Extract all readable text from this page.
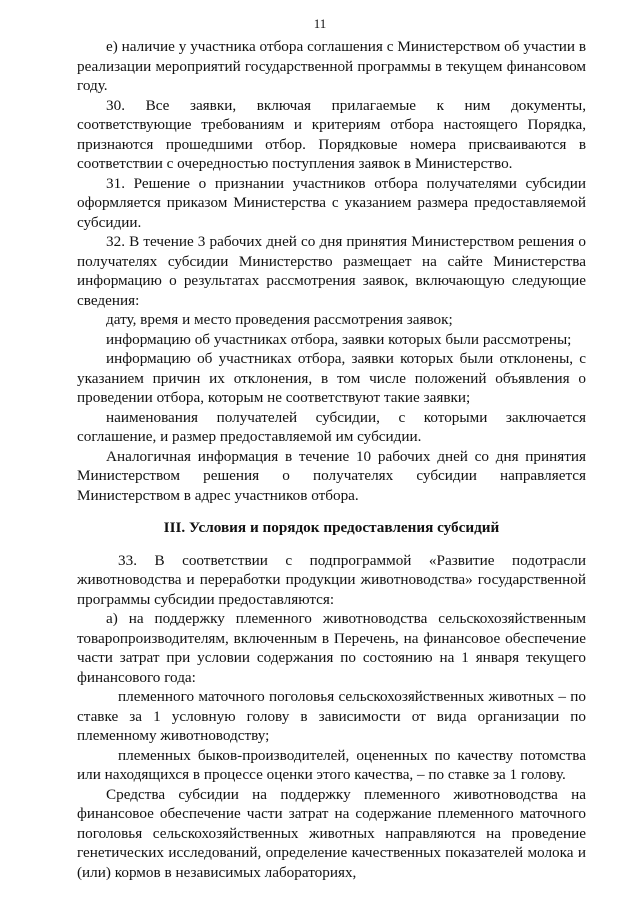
11

е) наличие у участника отбора соглашения с Министерством об участии в реализации мероприятий государственной программы в текущем финансовом году.

30. Все заявки, включая прилагаемые к ним документы, соответствующие требованиям и критериям отбора настоящего Порядка, признаются прошедшими отбор. Порядковые номера присваиваются в соответствии с очередностью поступления заявок в Министерство.

31. Решение о признании участников отбора получателями субсидии оформляется приказом Министерства с указанием размера предоставляемой субсидии.

32. В течение 3 рабочих дней со дня принятия Министерством решения о получателях субсидии Министерство размещает на сайте Министерства информацию о результатах рассмотрения заявок, включающую следующие сведения:

дату, время и место проведения рассмотрения заявок;

информацию об участниках отбора, заявки которых были рассмотрены;

информацию об участниках отбора, заявки которых были отклонены, с указанием причин их отклонения, в том числе положений объявления о проведении отбора, которым не соответствуют такие заявки;

наименования получателей субсидии, с которыми заключается соглашение, и размер предоставляемой им субсидии.

Аналогичная информация в течение 10 рабочих дней со дня принятия Министерством решения о получателях субсидии направляется Министерством в адрес участников отбора.

III. Условия и порядок предоставления субсидий

33. В соответствии с подпрограммой «Развитие подотрасли животноводства и переработки продукции животноводства» государственной программы субсидии предоставляются:

а) на поддержку племенного животноводства сельскохозяйственным товаропроизводителям, включенным в Перечень, на финансовое обеспечение части затрат при условии содержания по состоянию на 1 января текущего финансового года:

племенного маточного поголовья сельскохозяйственных животных – по ставке за 1 условную голову в зависимости от вида организации по племенному животноводству;

племенных быков-производителей, оцененных по качеству потомства или находящихся в процессе оценки этого качества, – по ставке за 1 голову.

Средства субсидии на поддержку племенного животноводства на финансовое обеспечение части затрат на содержание племенного маточного поголовья сельскохозяйственных животных направляются на проведение генетических исследований, определение качественных показателей молока и (или) кормов в независимых лабораториях,
